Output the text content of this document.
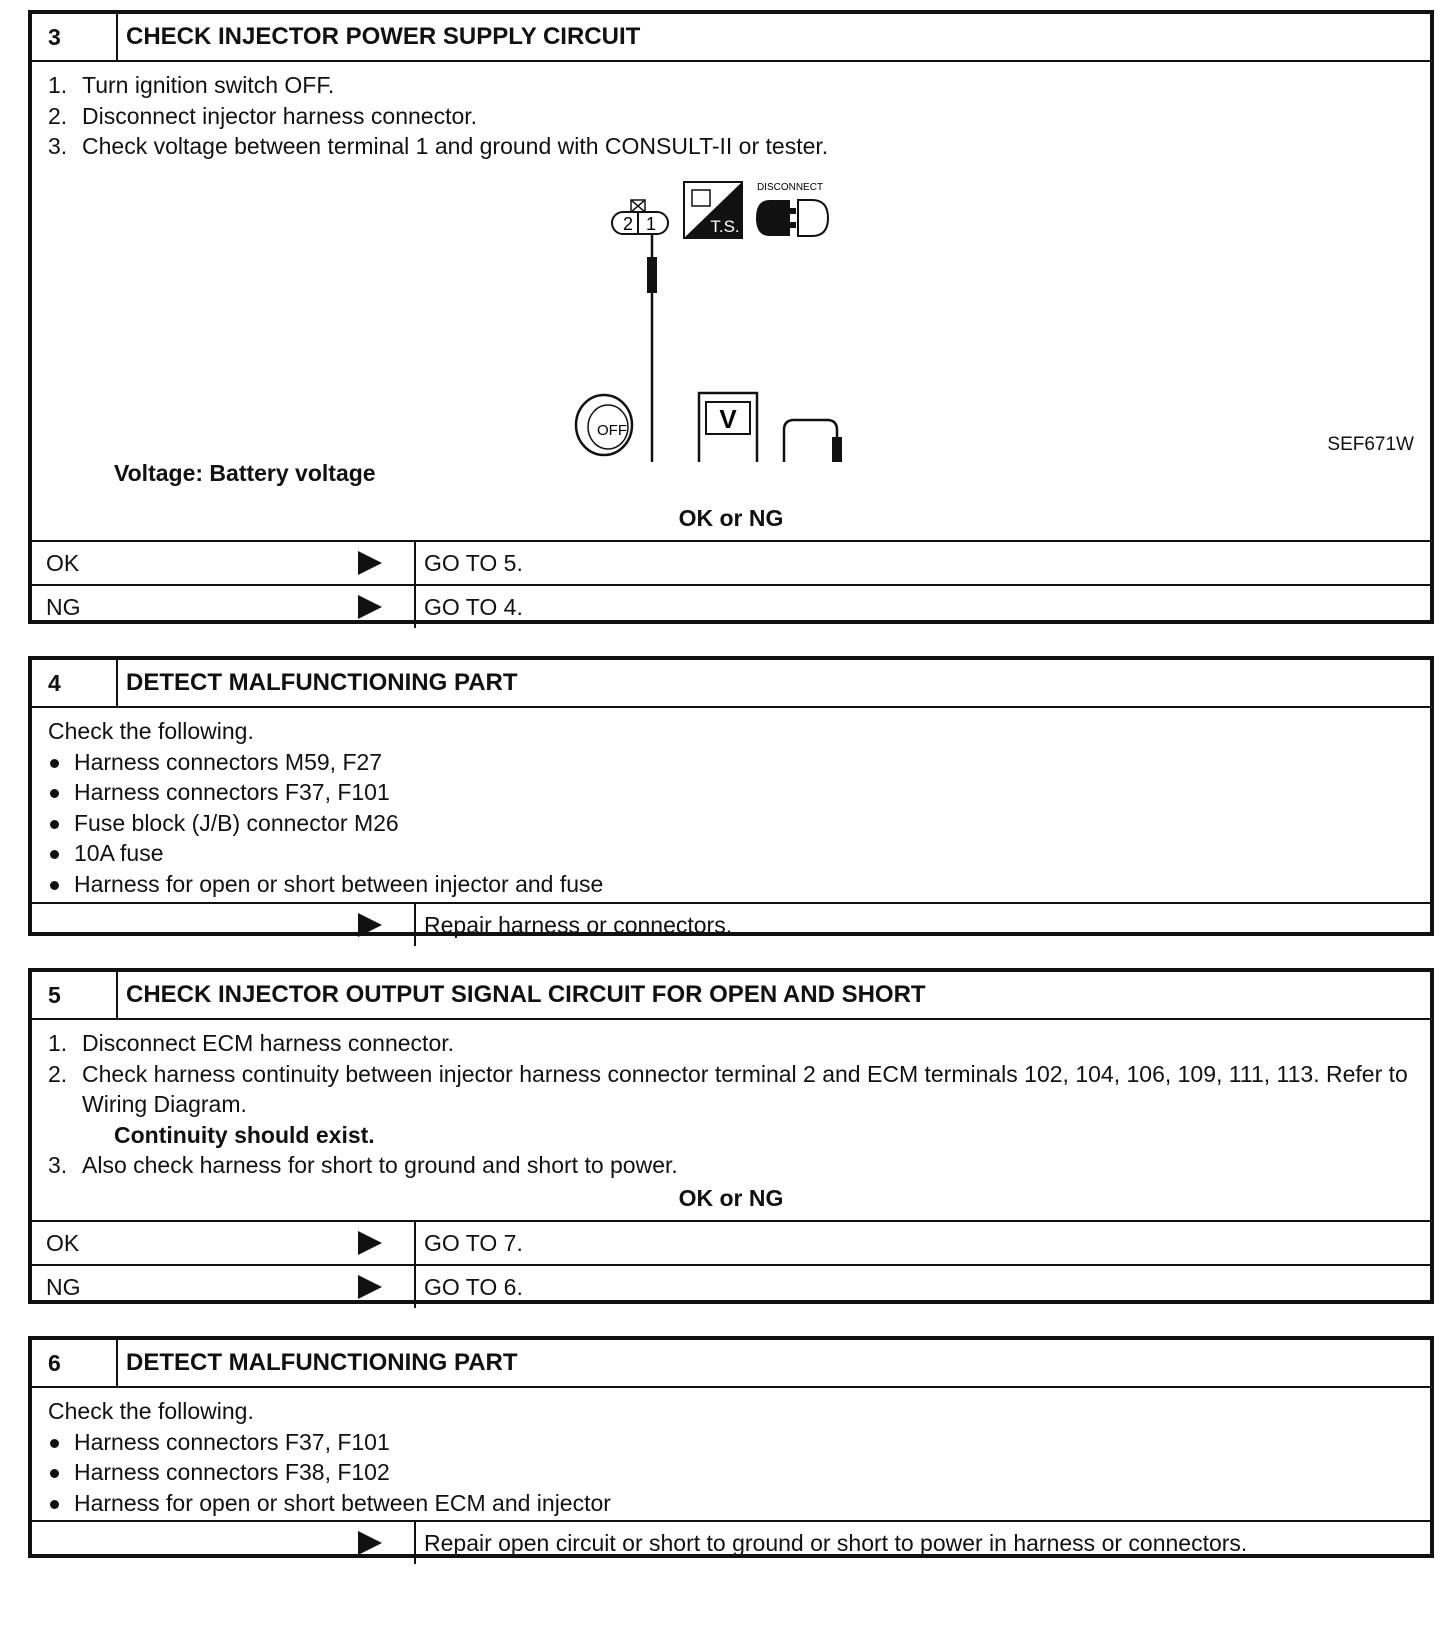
3	CHECK INJECTOR POWER SUPPLY CIRCUIT
1. Turn ignition switch OFF.
2. Disconnect injector harness connector.
3. Check voltage between terminal 1 and ground with CONSULT-II or tester.
2 1
V
OFF
T.S.
DISCONNECT
SEF671W
Voltage: Battery voltage
OK or NG
OK	GO TO 5.
NG	GO TO 4.
4	DETECT MALFUNCTIONING PART
Check the following.
Harness connectors M59, F27
Harness connectors F37, F101
Fuse block (J/B) connector M26
10A fuse
Harness for open or short between injector and fuse
Repair harness or connectors.
5	CHECK INJECTOR OUTPUT SIGNAL CIRCUIT FOR OPEN AND SHORT
1. Disconnect ECM harness connector.
2. Check harness continuity between injector harness connector terminal 2 and ECM terminals 102, 104, 106, 109, 111, 113. Refer to Wiring Diagram.
Continuity should exist.
3. Also check harness for short to ground and short to power.
OK or NG
OK	GO TO 7.
NG	GO TO 6.
6	DETECT MALFUNCTIONING PART
Check the following.
Harness connectors F37, F101
Harness connectors F38, F102
Harness for open or short between ECM and injector
Repair open circuit or short to ground or short to power in harness or connectors.
